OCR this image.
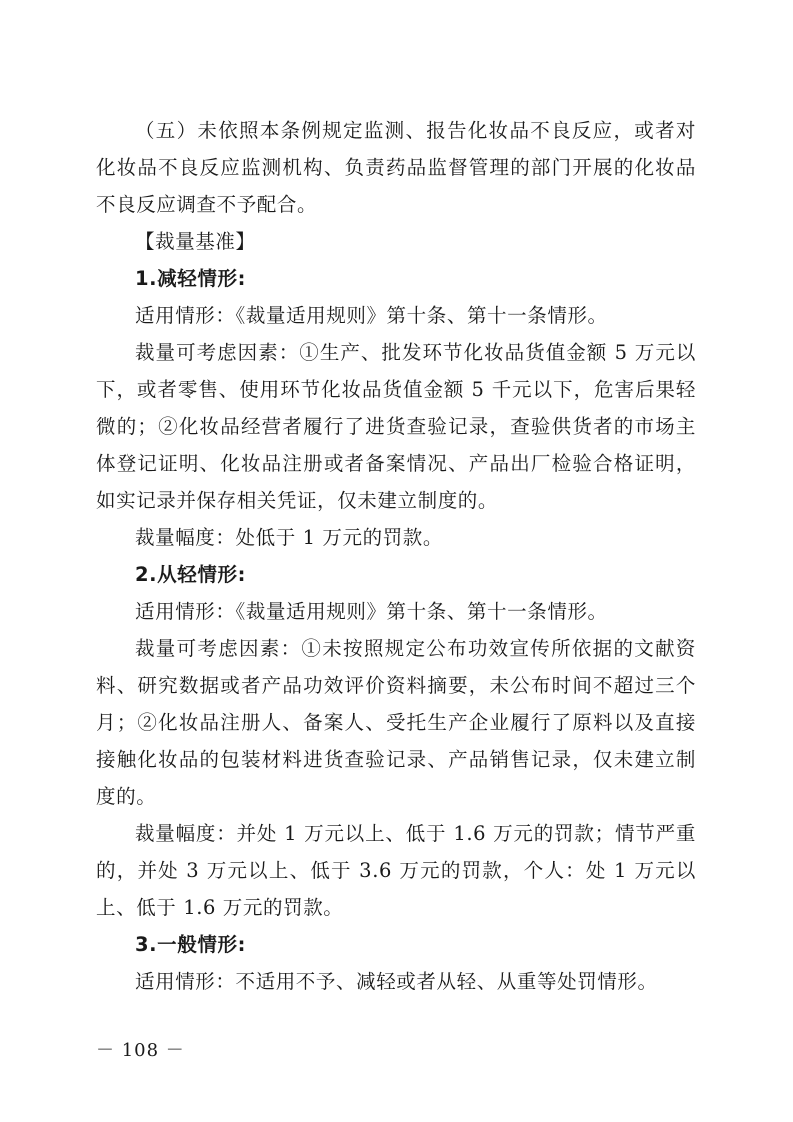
（五）未依照本条例规定监测、报告化妆品不良反应，或者对化妆品不良反应监测机构、负责药品监督管理的部门开展的化妆品不良反应调查不予配合。

【裁量基准】

1.减轻情形:

适用情形：《裁量适用规则》第十条、第十一条情形。

裁量可考虑因素：①生产、批发环节化妆品货值金额 5 万元以下，或者零售、使用环节化妆品货值金额 5 千元以下，危害后果轻微的；②化妆品经营者履行了进货查验记录，查验供货者的市场主体登记证明、化妆品注册或者备案情况、产品出厂检验合格证明，如实记录并保存相关凭证，仅未建立制度的。

裁量幅度：处低于 1 万元的罚款。

2.从轻情形:

适用情形：《裁量适用规则》第十条、第十一条情形。

裁量可考虑因素：①未按照规定公布功效宣传所依据的文献资料、研究数据或者产品功效评价资料摘要，未公布时间不超过三个月；②化妆品注册人、备案人、受托生产企业履行了原料以及直接接触化妆品的包装材料进货查验记录、产品销售记录，仅未建立制度的。

裁量幅度：并处 1 万元以上、低于 1.6 万元的罚款；情节严重的，并处 3 万元以上、低于 3.6 万元的罚款，个人：处 1 万元以上、低于 1.6 万元的罚款。

3.一般情形:

适用情形：不适用不予、减轻或者从轻、从重等处罚情形。

－ 108 －
